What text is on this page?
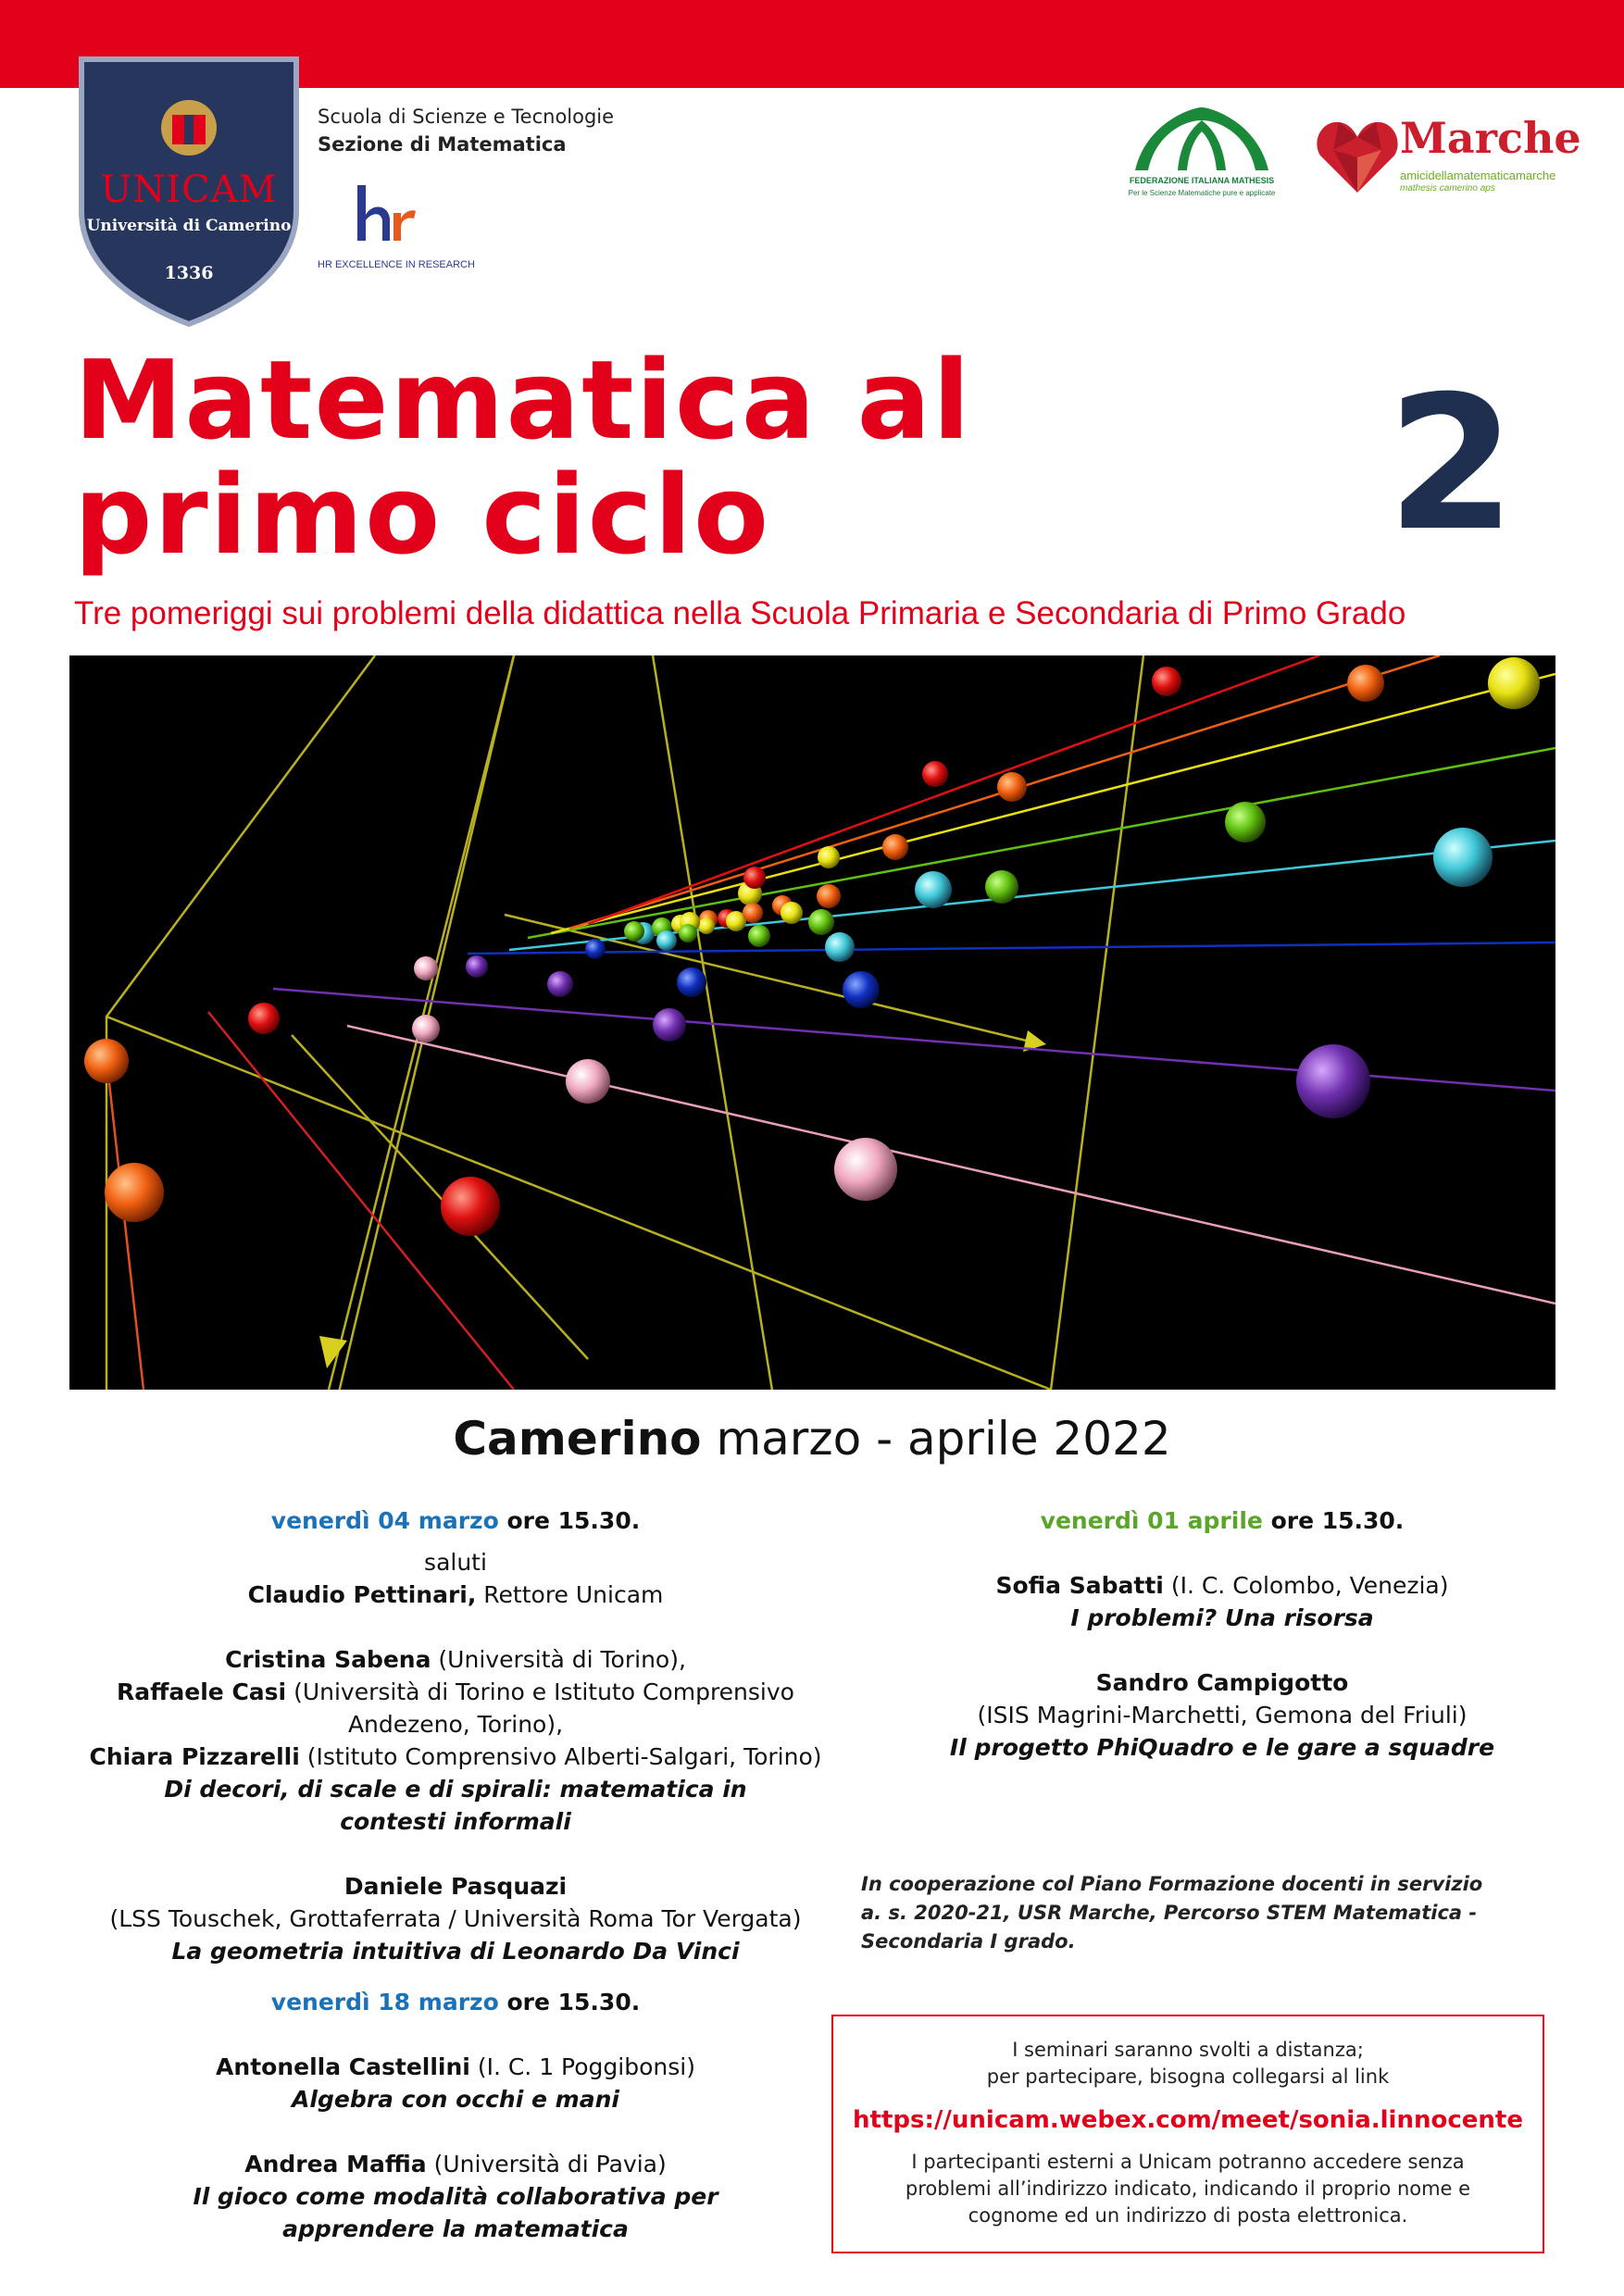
UNICAM
Università di Camerino
1336
Scuola di Scienze e Tecnologie
Sezione di Matematica
HR EXCELLENCE IN RESEARCH
FEDERAZIONE ITALIANA MATHESIS
Per le Scienze Matematiche pure e applicate
Marche
amicidellamatematicamarche
mathesis camerino aps
Matematica al
primo ciclo	2
Tre pomeriggi sui problemi della didattica nella Scuola Primaria e Secondaria di Primo Grado
Camerino marzo - aprile 2022

venerdì 04 marzo ore 15.30.

saluti

Claudio Pettinari, Rettore Unicam

Cristina Sabena (Università di Torino),

Raffaele Casi (Università di Torino e Istituto Comprensivo

Andezeno, Torino),

Chiara Pizzarelli (Istituto Comprensivo Alberti-Salgari, Torino)

Di decori, di scale e di spirali: matematica in

contesti informali

Daniele Pasquazi

(LSS Touschek, Grottaferrata / Università Roma Tor Vergata)

La geometria intuitiva di Leonardo Da Vinci

venerdì 18 marzo ore 15.30.

Antonella Castellini (I. C. 1 Poggibonsi)

Algebra con occhi e mani

Andrea Maffia (Università di Pavia)

Il gioco come modalità collaborativa per

apprendere la matematica

venerdì 01 aprile ore 15.30.

Sofia Sabatti (I. C. Colombo, Venezia)

I problemi? Una risorsa

Sandro Campigotto

(ISIS Magrini-Marchetti, Gemona del Friuli)

Il progetto PhiQuadro e le gare a squadre

In cooperazione col Piano Formazione docenti in servizio
a. s. 2020-21, USR Marche, Percorso STEM Matematica -
Secondaria I grado.

I seminari saranno svolti a distanza;

per partecipare, bisogna collegarsi al link

https://unicam.webex.com/meet/sonia.linnocente

I partecipanti esterni a Unicam potranno accedere senza

problemi all’indirizzo indicato, indicando il proprio nome e

cognome ed un indirizzo di posta elettronica.
